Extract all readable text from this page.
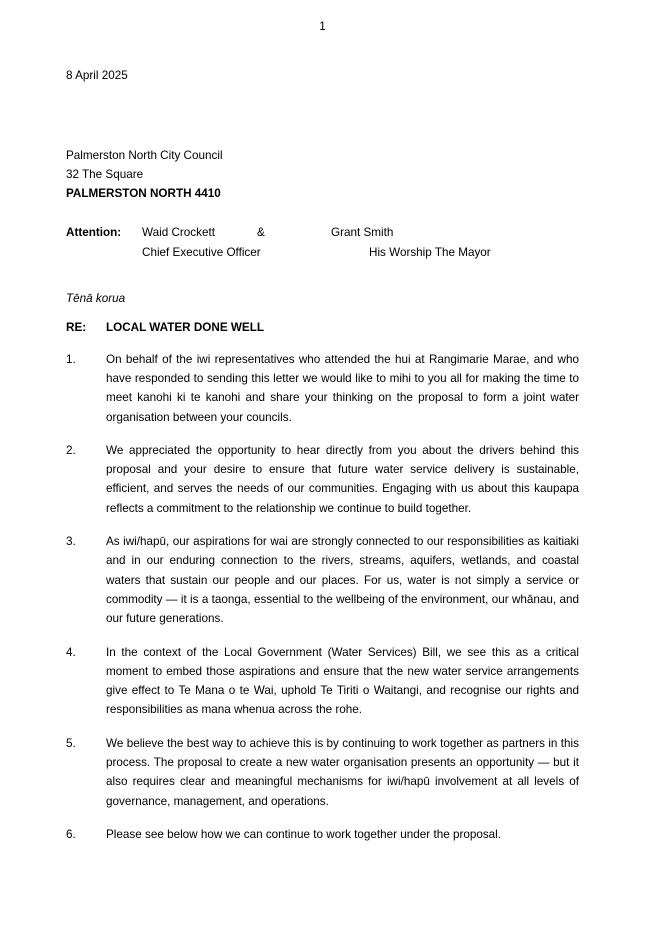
1
8 April 2025
Palmerston North City Council
32 The Square
PALMERSTON NORTH 4410
Attention: Waid Crockett	&	Grant Smith
Chief Executive Officer	His Worship The Mayor
Tēnā korua
RE: LOCAL WATER DONE WELL
1.	On behalf of the iwi representatives who attended the hui at Rangimarie Marae, and who have responded to sending this letter we would like to mihi to you all for making the time to meet kanohi ki te kanohi and share your thinking on the proposal to form a joint water organisation between your councils.
2.	We appreciated the opportunity to hear directly from you about the drivers behind this proposal and your desire to ensure that future water service delivery is sustainable, efficient, and serves the needs of our communities. Engaging with us about this kaupapa reflects a commitment to the relationship we continue to build together.
3.	As iwi/hapū, our aspirations for wai are strongly connected to our responsibilities as kaitiaki and in our enduring connection to the rivers, streams, aquifers, wetlands, and coastal waters that sustain our people and our places. For us, water is not simply a service or commodity — it is a taonga, essential to the wellbeing of the environment, our whānau, and our future generations.
4.	In the context of the Local Government (Water Services) Bill, we see this as a critical moment to embed those aspirations and ensure that the new water service arrangements give effect to Te Mana o te Wai, uphold Te Tiriti o Waitangi, and recognise our rights and responsibilities as mana whenua across the rohe.
5.	We believe the best way to achieve this is by continuing to work together as partners in this process. The proposal to create a new water organisation presents an opportunity — but it also requires clear and meaningful mechanisms for iwi/hapū involvement at all levels of governance, management, and operations.
6.	Please see below how we can continue to work together under the proposal.
